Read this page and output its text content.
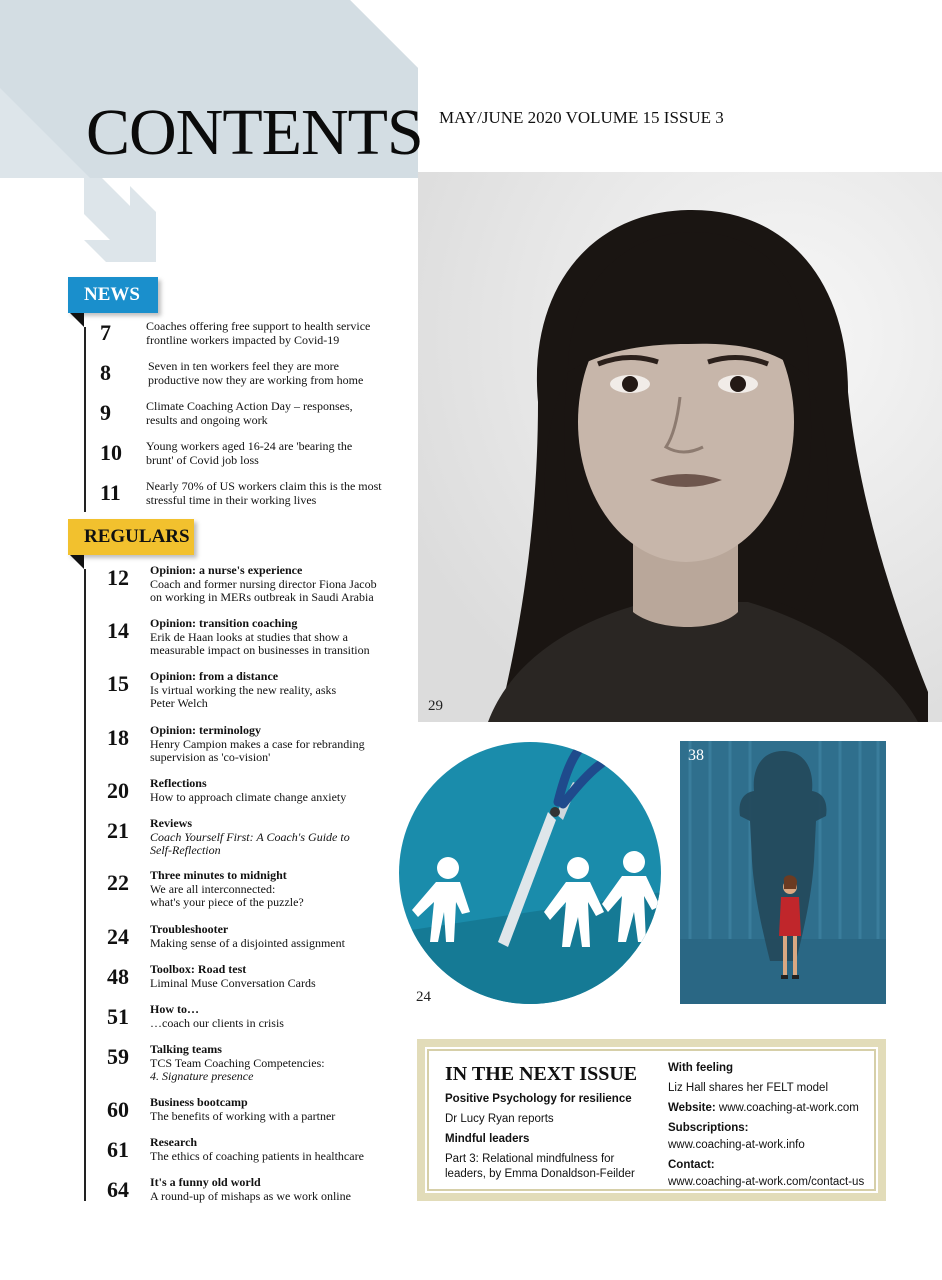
CONTENTS MAY/JUNE 2020 VOLUME 15 ISSUE 3
NEWS
7	Coaches offering free support to health service
frontline workers impacted by Covid-19
8	Seven in ten workers feel they are more
productive now they are working from home
9	Climate Coaching Action Day – responses,
results and ongoing work
10 Young workers aged 16-24 are 'bearing the
brunt' of Covid job loss
11 Nearly 70% of US workers claim this is the most
stressful time in their working lives
REGULARS
12 Opinion: a nurse's experience
Coach and former nursing director Fiona Jacob
on working in MERs outbreak in Saudi Arabia
14 Opinion: transition coaching
Erik de Haan looks at studies that show a
measurable impact on businesses in transition
15 Opinion: from a distance
Is virtual working the new reality, asks
Peter Welch
18 Opinion: terminology
Henry Campion makes a case for rebranding
supervision as 'co-vision'
20 Reflections
How to approach climate change anxiety
21 Reviews
Coach Yourself First: A Coach's Guide to
Self-Reflection
22 Three minutes to midnight
We are all interconnected:
what's your piece of the puzzle?
24 Troubleshooter
Making sense of a disjointed assignment
48 Toolbox: Road test
Liminal Muse Conversation Cards
51 How to…
…coach our clients in crisis
59 Talking teams
TCS Team Coaching Competencies:
4. Signature presence
60 Business bootcamp
The benefits of working with a partner
61 Research
The ethics of coaching patients in healthcare
64 It's a funny old world
A round-up of mishaps as we work online
29
24
38
IN THE NEXT ISSUE

Positive Psychology for resilience

Dr Lucy Ryan reports

Mindful leaders

Part 3: Relational mindfulness for leaders, by Emma Donaldson-Feilder

With feeling

Liz Hall shares her FELT model

Website: www.coaching-at-work.com

Subscriptions:

www.coaching-at-work.info

Contact:

www.coaching-at-work.com/contact-us
